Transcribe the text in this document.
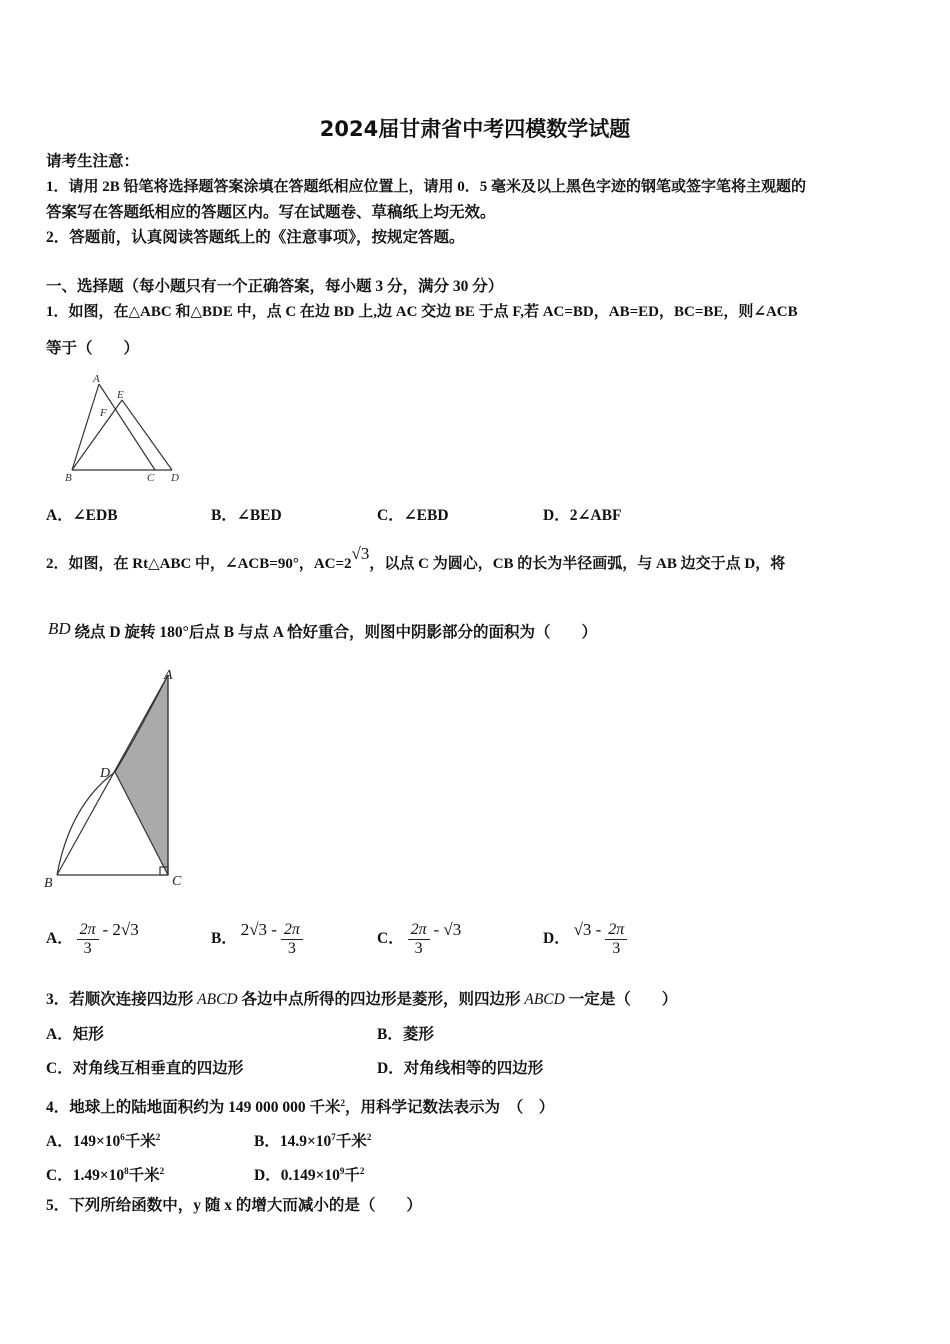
2024届甘肃省中考四模数学试题
请考生注意：
1．请用 2B 铅笔将选择题答案涂填在答题纸相应位置上，请用 0．5 毫米及以上黑色字迹的钢笔或签字笔将主观题的
答案写在答题纸相应的答题区内。写在试题卷、草稿纸上均无效。
2．答题前，认真阅读答题纸上的《注意事项》，按规定答题。
一、选择题（每小题只有一个正确答案，每小题 3 分，满分 30 分）
1．如图，在△ABC 和△BDE 中，点 C 在边 BD 上,边 AC 交边 BE 于点 F,若 AC=BD，AB=ED，BC=BE，则∠ACB
等于（　　）
A
E
F
B	C D
A．∠EDB	B．∠BED	C．∠EBD	D．2∠ABF
2．如图，在 Rt△ABC 中，∠ACB=90°，AC=2√3，以点 C 为圆心，CB 的长为半径画弧，与 AB 边交于点 D，将
BD 绕点 D 旋转 180°后点 B 与点 A 恰好重合，则图中阴影部分的面积为（　　）
A
D
B	C
A． $\frac{2\pi}{3} - 2√3$	B． $2√3 - \frac{2\pi}{3}$	C． $\frac{2\pi}{3} - √3$	D． $√3 - \frac{2\pi}{3}$
3．若顺次连接四边形 ABCD 各边中点所得的四边形是菱形，则四边形 ABCD 一定是（　　）
A．矩形	B．菱形
C．对角线互相垂直的四边形	D．对角线相等的四边形
4．地球上的陆地面积约为 149 000 000 千米$^2$，用科学记数法表示为　（　）
A．$149\times 10^6$千米$^2$	B．$14.9\times 10^7$千米$^2$
C．$1.49\times 10^8$千米$^2$	D．$0.149\times 10^9$千$^2$
5．下列所给函数中，y 随 x 的增大而减小的是（　　）
